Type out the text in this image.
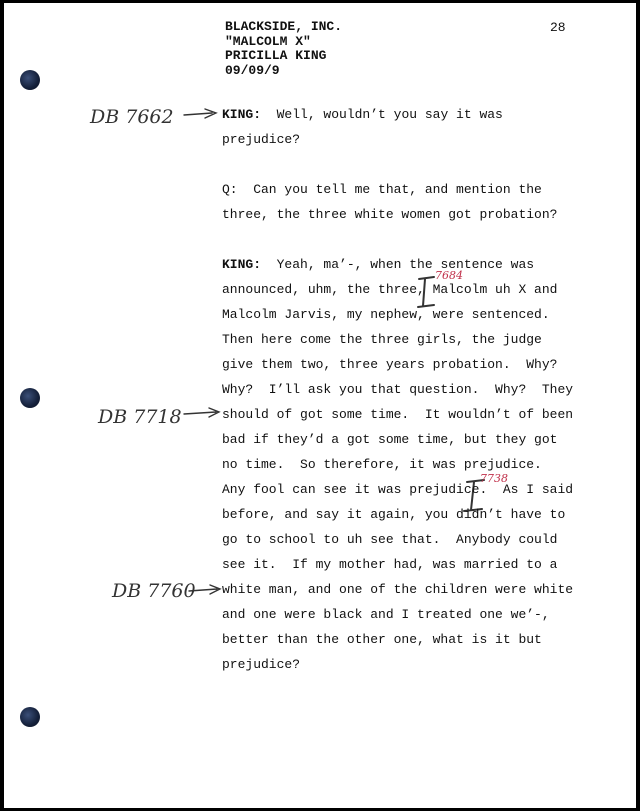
BLACKSIDE, INC.
"MALCOLM X"
PRICILLA KING
09/09/9
28
DB 7662
DB 7718
DB 7760
7684
7738
KING:  Well, wouldn’t you say it was
prejudice?
Q:  Can you tell me that, and mention the
three, the three white women got probation?
KING:  Yeah, ma’-, when the sentence was
announced, uhm, the three, Malcolm uh X and
Malcolm Jarvis, my nephew, were sentenced.
Then here come the three girls, the judge
give them two, three years probation.  Why?
Why?  I’ll ask you that question.  Why?  They
should of got some time.  It wouldn’t of been
bad if they’d a got some time, but they got
no time.  So therefore, it was prejudice.
Any fool can see it was prejudice.  As I said
before, and say it again, you didn’t have to
go to school to uh see that.  Anybody could
see it.  If my mother had, was married to a
white man, and one of the children were white
and one were black and I treated one we’-,
better than the other one, what is it but
prejudice?
